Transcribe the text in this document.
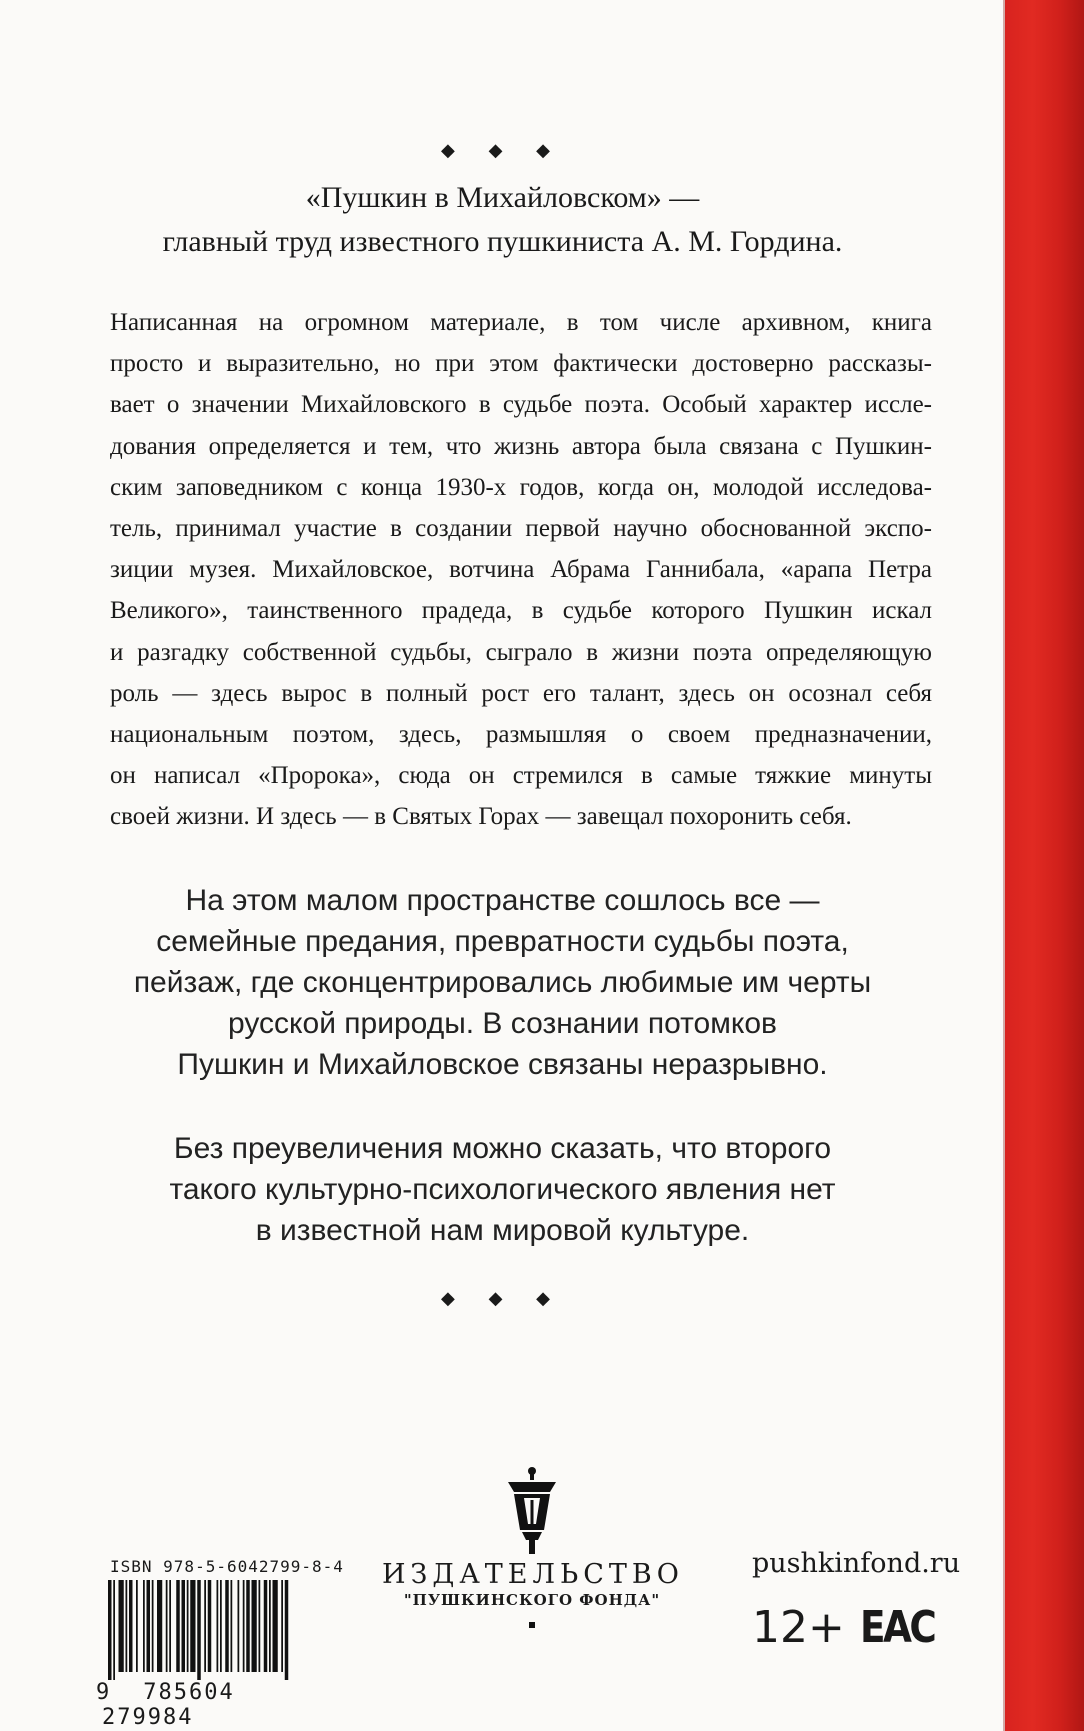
◆ ◆ ◆
«Пушкин в Михайловском» —
главный труд известного пушкиниста А. М. Гордина.
Написанная на огромном материале, в том числе архивном, книга
просто и выразительно, но при этом фактически достоверно рассказы-
вает о значении Михайловского в судьбе поэта. Особый характер иссле-
дования определяется и тем, что жизнь автора была связана с Пушкин-
ским заповедником с конца 1930-х годов, когда он, молодой исследова-
тель, принимал участие в создании первой научно обоснованной экспо-
зиции музея. Михайловское, вотчина Абрама Ганнибала, «арапа Петра
Великого», таинственного прадеда, в судьбе которого Пушкин искал
и разгадку собственной судьбы, сыграло в жизни поэта определяющую
роль — здесь вырос в полный рост его талант, здесь он осознал себя
национальным поэтом, здесь, размышляя о своем предназначении,
он написал «Пророка», сюда он стремился в самые тяжкие минуты
своей жизни. И здесь — в Святых Горах — завещал похоронить себя.
На этом малом пространстве сошлось все —
семейные предания, превратности судьбы поэта,
пейзаж, где сконцентрировались любимые им черты
русской природы. В сознании потомков
Пушкин и Михайловское связаны неразрывно.
Без преувеличения можно сказать, что второго
такого культурно-психологического явления нет
в известной нам мировой культуре.
◆ ◆ ◆
ИЗДАТЕЛЬСТВО
"ПУШКИНСКОГО ФОНДА"
pushkinfond.ru
12+ EAC
ISBN 978-5-6042799-8-4
9 785604 279984
